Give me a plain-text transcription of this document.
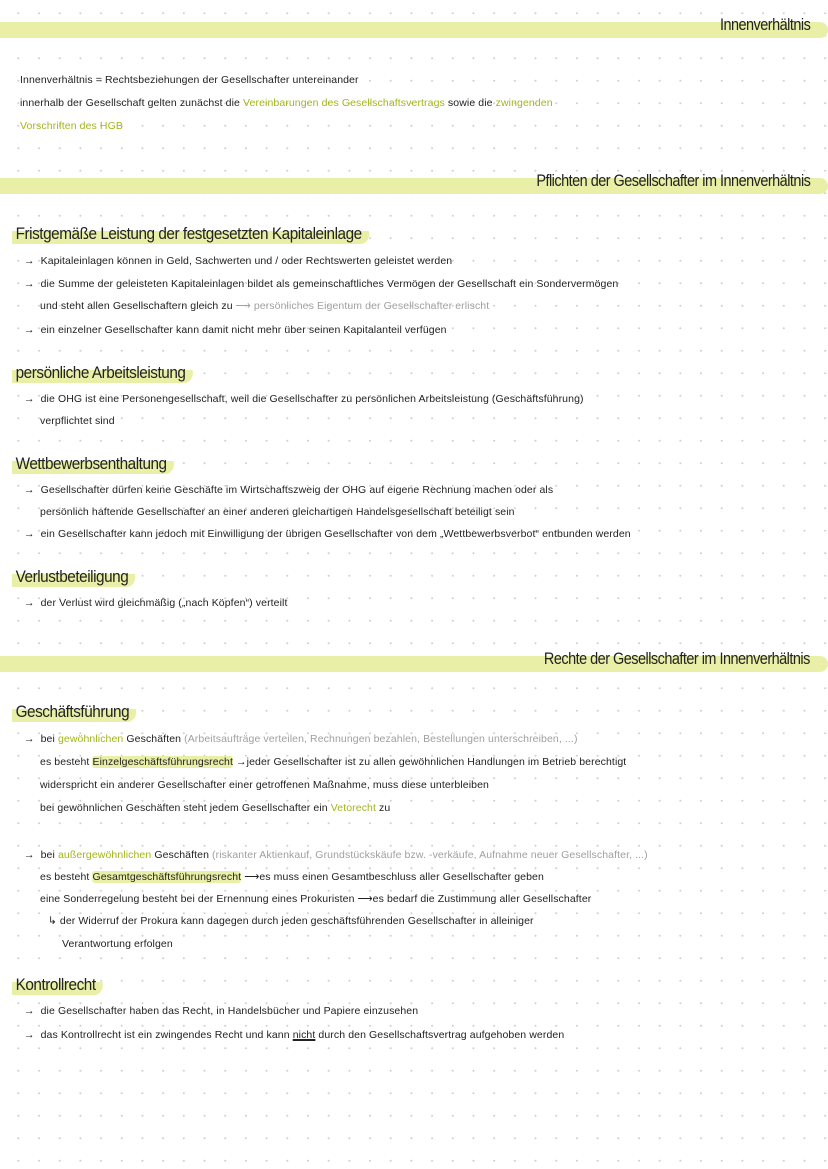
Innenverhältnis
Pflichten der Gesellschafter im Innenverhältnis
Rechte der Gesellschafter im Innenverhältnis
Fristgemäße Leistung der festgesetzten Kapitaleinlage
persönliche Arbeitsleistung
Wettbewerbsenthaltung
Verlustbeteiligung
Geschäftsführung
Kontrollrecht
Innenverhältnis = Rechtsbeziehungen der Gesellschafter untereinander
innerhalb der Gesellschaft gelten zunächst die Vereinbarungen des Gesellschaftsvertrags sowie die zwingenden
Vorschriften des HGB
→ Kapitaleinlagen können in Geld, Sachwerten und / oder Rechtswerten geleistet werden
→ die Summe der geleisteten Kapitaleinlagen bildet als gemeinschaftliches Vermögen der Gesellschaft ein Sondervermögen
und steht allen Gesellschaftern gleich zu ⟶ persönliches Eigentum der Gesellschafter erlischt
→ ein einzelner Gesellschafter kann damit nicht mehr über seinen Kapitalanteil verfügen
→ die OHG ist eine Personengesellschaft, weil die Gesellschafter zu persönlichen Arbeitsleistung (Geschäftsführung)
verpflichtet sind
→ Gesellschafter dürfen keine Geschäfte im Wirtschaftszweig der OHG auf eigene Rechnung machen oder als
persönlich haftende Gesellschafter an einer anderen gleichartigen Handelsgesellschaft beteiligt sein
→ ein Gesellschafter kann jedoch mit Einwilligung der übrigen Gesellschafter von dem „Wettbewerbsverbot“ entbunden werden
→ der Verlust wird gleichmäßig („nach Köpfen“) verteilt
→ bei gewöhnlichen Geschäften (Arbeitsaufträge verteilen, Rechnungen bezahlen, Bestellungen unterschreiben, ...)
es besteht Einzelgeschäftsführungsrecht →jeder Gesellschafter ist zu allen gewöhnlichen Handlungen im Betrieb berechtigt
widerspricht ein anderer Gesellschafter einer getroffenen Maßnahme, muss diese unterbleiben
bei gewöhnlichen Geschäften steht jedem Gesellschafter ein Vetorecht zu
→ bei außergewöhnlichen Geschäften (riskanter Aktienkauf, Grundstückskäufe bzw. -verkäufe, Aufnahme neuer Gesellschafter, ...)
es besteht Gesamtgeschäftsführungsrecht ⟶es muss einen Gesamtbeschluss aller Gesellschafter geben
eine Sonderregelung besteht bei der Ernennung eines Prokuristen ⟶es bedarf die Zustimmung aller Gesellschafter
↳ der Widerruf der Prokura kann dagegen durch jeden geschäftsführenden Gesellschafter in alleiniger
Verantwortung erfolgen
→ die Gesellschafter haben das Recht, in Handelsbücher und Papiere einzusehen
→ das Kontrollrecht ist ein zwingendes Recht und kann nicht durch den Gesellschaftsvertrag aufgehoben werden
